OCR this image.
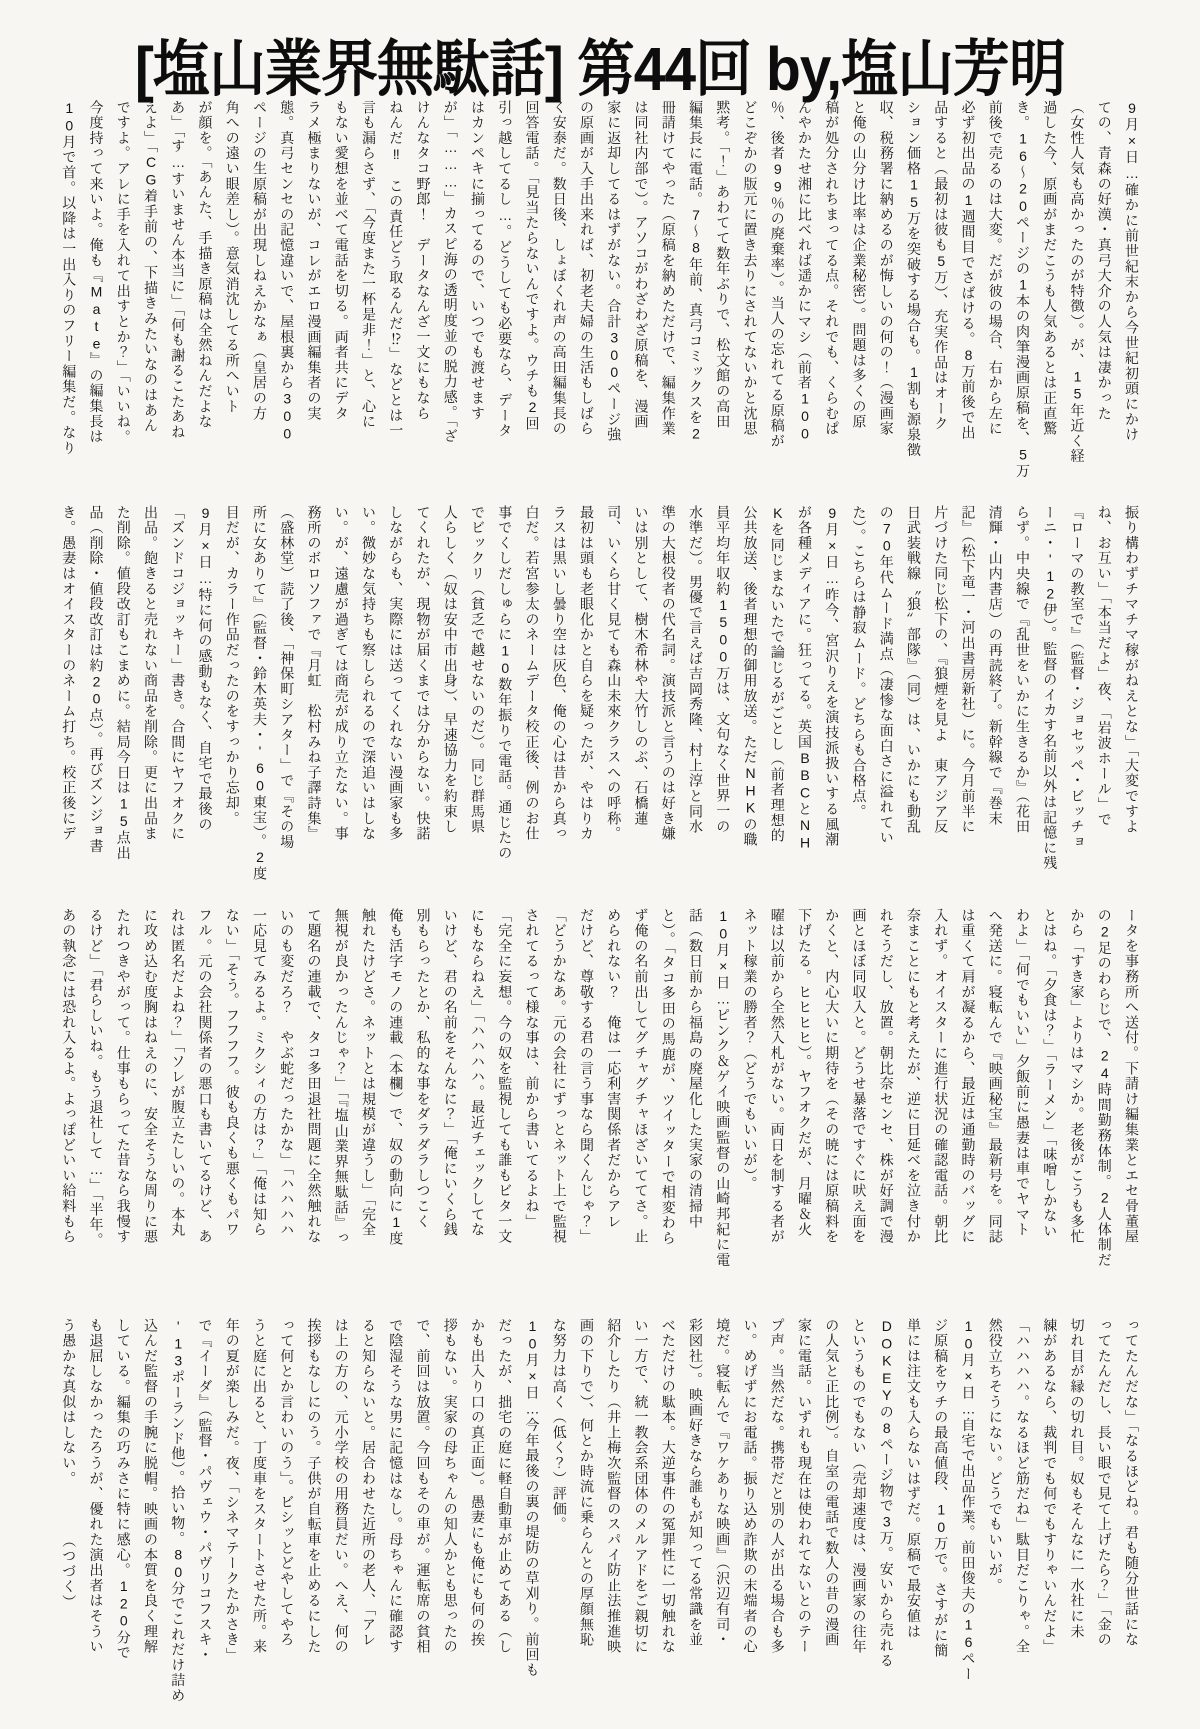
[塩山業界無駄話] 第44回 by,塩山芳明
9月×日…確かに前世紀末から今世紀初頭にかけ
ての、青森の好漢・真弓大介の人気は凄かった
（女性人気も高かったのが特徴）。が、15年近く経
過した今、原画がまだこうも人気あるとは正直驚
き。16〜20ページの1本の肉筆漫画原稿を、5万
前後で売るのは大変。だが彼の場合、右から左に
必ず初出品の1週間目でさばける。8万前後で出
品すると（最初は彼も5万）、充実作品はオーク
ション価格15万を突破する場合も。1割も源泉徴
収、税務署に納めるのが悔しいの何の！（漫画家
と俺の山分け比率は企業秘密）。問題は多くの原
稿が処分されちまってる点。それでも、くらむぱ
んやかたせ湘に比べれば遥かにマシ（前者100
％、後者99％の廃棄率）。当人の忘れてる原稿が
どこぞかの版元に置き去りにされてないかと沈思
黙考。「！」あわてて数年ぶりで、松文館の高田
編集長に電話。7〜8年前、真弓コミックスを2
冊請けてやった（原稿を納めただけで、編集作業
は同社内部で）。アソコがわざわざ原稿を、漫画
家に返却してるはずがない。合計300ページ強
の原画が入手出来れば、初老夫婦の生活もしばら
く安泰だ。数日後、しょぼくれ声の高田編集長の
回答電話。「見当たらないんですよ。ウチも2回
引っ越してるし…。どうしても必要なら、データ
はカンペキに揃ってるので、いつでも渡せます
が」「………」カスピ海の透明度並の脱力感。「ざ
けんなタコ野郎！　データなんざ一文にもなら
ねんだ‼　この責任どう取るんだ⁉」などとは一
言も漏らさず、「今度また一杯是非！」と、心に
もない愛想を並べて電話を切る。両者共にデタ
ラメ極まりないが、コレがエロ漫画編集者の実
態。真弓センセの記憶違いで、屋根裏から300
ページの生原稿が出現しねえかなぁ（皇居の方
角への遠い眼差し）。意気消沈してる所へいト
が顔を。「あんた、手描き原稿は全然ねんだよな
あ」「す…すいません本当に」「何も謝るこたあね
えよ」「CG着手前の、下描きみたいなのはあん
ですよ。アレに手を入れて出すとか？」「いいね。
今度持って来いよ。俺も『Mate』の編集長は
10月で首。以降は一出入りのフリー編集だ。なり
振り構わずチマチマ稼がねえとな」「大変ですよ
ね、お互い」「本当だよ」夜、「岩波ホール」で
『ローマの教室で』（監督・ジョセッペ・ビッチョ
ーニ・'12伊）。監督のイカす名前以外は記憶に残
らず。中央線で『乱世をいかに生きるか』（花田
清輝・山内書店）の再読終了。新幹線で『巻末
記』（松下竜一・河出書房新社）に。今月前半に
片づけた同じ松下の、『狼煙を見よ　東アジア反
日武装戦線〝狼〟部隊』（同）は、いかにも動乱
の70年代ムード満点（凄惨な面白さに溢れてい
た）。こちらは静寂ムード。どちらも合格点。
9月×日…昨今、宮沢りえを演技派扱いする風潮
が各種メディアに。狂ってる。英国BBCとNH
Kを同じまないたで論じるがごとし（前者理想的
公共放送、後者理想的御用放送。ただNHKの職
員平均年収約1500万は、文句なく世界一の
水準だ）。男優で言えば吉岡秀隆、村上淳と同水
準の大根役者の代名詞。演技派と言うのは好き嫌
いは別として、樹木希林や大竹しのぶ、石橋蓮
司、いくら甘く見ても森山未來クラスへの呼称。
最初は頭も老眼化かと自らを疑ったが、やはりカ
ラスは黒いし曇り空は灰色、俺の心は昔から真っ
白だ。若宮参太のネームデータ校正後、例のお仕
事でくしだしゅらに10数年振りで電話。通じたの
でビックリ（貧乏で越せないのだ）。同じ群馬県
人らしく（奴は安中市出身）、早速協力を約束し
てくれたが、現物が届くまでは分からない。快諾
しながらも、実際には送ってくれない漫画家も多
い。微妙な気持ちも察しられるので深追いはしな
い。が、遠慮が過ぎては商売が成り立たない。事
務所のボロソファで『月虹　松村みね子譯詩集』
（盛林堂）読了後、「神保町シアター」で『その場
所に女ありて』（監督・鈴木英夫・'60東宝）。2度
目だが、カラー作品だったのをすっかり忘却。
9月×日…特に何の感動もなく、自宅で最後の
「ズンドコジョッキー」書き。合間にヤフオクに
出品。飽きると売れない商品を削除。更に出品ま
た削除。値段改訂もこまめに。結局今日は15点出
品（削除・値段改訂は約20点）。再びズンジョ書
き。愚妻はオイスターのネーム打ち。校正後にデ
ータを事務所へ送付。下請け編集業とエセ骨董屋
の2足のわらじで、24時間勤務体制。2人体制だ
から「すき家」よりはマシか。老後がこうも多忙
とはね。「夕食は？」「ラーメン」「味噌しかない
わよ」「何でもいい」夕飯前に愚妻は車でヤマト
へ発送に。寝転んで『映画秘宝』最新号を。同誌
は重くて肩が凝るから、最近は通勤時のバッグに
入れず。オイスターに進行状況の確認電話。朝比
奈まことにもと考えたが、逆に日延べを泣き付か
れそうだし、放置。朝比奈センセ、株が好調で漫
画とほぼ同収入と。どうせ暴落ですぐに吠え面を
かくと、内心大いに期待を（その暁には原稿料を
下げたる。ヒヒヒヒ）。ヤフオクだが、月曜＆火
曜は以前から全然入札がない。両日を制する者が
ネット稼業の勝者？（どうでもいいが）。
10月×日…ピンク＆ゲイ映画監督の山崎邦紀に電
話（数日前から福島の廃屋化した実家の清掃中
と）。「タコ多田の馬鹿が、ツイッターで相変わら
ず俺の名前出してグチャグチャほざいててさ。止
められない？　俺は一応利害関係者だからアレ
だけど、尊敬する君の言う事なら聞くんじゃ？」
「どうかなあ。元の会社にずっとネット上で監視
されてるって様な事は、前から書いてるよね」
「完全に妄想。今の奴を監視しても誰もビタ一文
にもならねえ」「ハハハハ。最近チェックしてな
いけど、君の名前をそんなに？」「俺にいくら銭
別もらったとか、私的な事をダラダラしつこく
俺も活字モノの連載（本欄）で、奴の動向に1度
触れたけどさ。ネットとは規模が違うし」「完全
無視が良かったんじゃ？」「『塩山業界無駄話』っ
て題名の連載で、タコ多田退社問題に全然触れな
いのも変だろ？　やぶ蛇だったかな」「ハハハハ
一応見てみるよ。ミクシィの方は？」「俺は知ら
ない」「そう。フフフフ。彼も良くも悪くもパワ
フル。元の会社関係者の悪口も書いてるけど、あ
れは匿名だよね？」「ソレが腹立たしいの。本丸
に攻め込む度胸はねえのに、安全そうな周りに悪
たれつきやがって。仕事もらってた昔なら我慢す
るけど」「君らしいね。もう退社して…」「半年。
あの執念には恐れ入るよ。よっぽどいい給料もら
ってたんだな」「なるほどね。君も随分世話にな
ってたんだし、長い眼で見て上げたら？」「金の
切れ目が縁の切れ目。奴もそんなに一水社に未
練があるなら、裁判でも何でもすりゃいんだよ」
「ハハハハ。なるほど筋だね」駄目だこりゃ。全
然役立ちそうにない。どうでもいいが。
10月×日…自宅で出品作業。前田俊夫の16ペー
ジ原稿をウチの最高値段、10万で。さすがに簡
単には注文も入らないはずだ。原稿で最安値は
DOKEYの8ページ物で3万。安いから売れる
というものでもない（売却速度は、漫画家の往年
の人気と正比例）。自室の電話で数人の昔の漫画
家に電話。いずれも現在は使われてないとのテー
プ声。当然だな。携帯だと別の人が出る場合も多
い。めげずにお電話。振り込め詐欺の末端者の心
境だ。寝転んで『ワケありな映画』（沢辺有司・
彩図社）。映画好きなら誰もが知ってる常識を並
べただけの駄本。大逆事件の冤罪性に一切触れな
い一方で、統一教会系団体のメルアドをご親切に
紹介したり（井上梅次監督のスパイ防止法推進映
画の下りで）、何とか時流に乗らんとの厚顔無恥
な努力は高く（低く？）評価。
10月×日…今年最後の裏の堤防の草刈り。前回も
だったが、拙宅の庭に軽自動車が止めてある（し
かも出入り口の真正面）。愚妻にも俺にも何の挨
拶もない。実家の母ちゃんの知人かとも思ったの
で、前回は放置。今回もその車が。運転席の貧相
で陰湿そうな男に記憶はなし。母ちゃんに確認す
ると知らないと。居合わせた近所の老人、「アレ
は上の方の、元小学校の用務員だい。へえ、何の
挨拶もなしにのう。子供が自転車を止めるにした
って何とか言わいのう」。ビシッとどやしてやろ
うと庭に出ると、丁度車をスタートさせた所。来
年の夏が楽しみだ。夜、「シネマテークたかさき」
で『イーダ』（監督・パヴェウ・パヴリコフスキ・
'13ポーランド他）。拾い物。80分でこれだけ詰め
込んだ監督の手腕に脱帽。映画の本質を良く理解
している。編集の巧みさに特に感心。120分で
も退屈しなかったろうが、優れた演出者はそうい
う愚かな真似はしない。　　　　（つづく）
